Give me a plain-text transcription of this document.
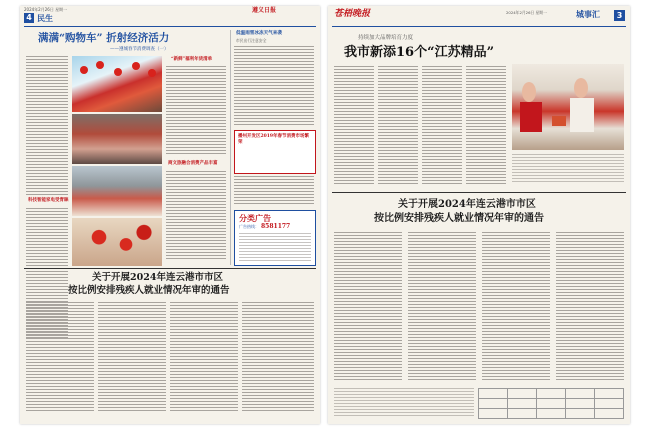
4 民生
2024年2月26日 星期一	遵义日报
满满“购物车” 折射经济活力
——遵城春节消费调查（一）
科技智能家电受青睐
“新鲜”福利年货清单
商文旅融合消费产品丰富
低温雨雪冰冻天气来袭
市民出行注意安全
播州开发区2019年春节消费市场繁荣
分类广告
广告热线： 8581177
关于开展2024年连云港市市区
按比例安排残疾人就业情况年审的通告
苍梧晚报	2024年2月26日 星期一	城事汇	3
持续加大品牌培育力度
我市新添16个“江苏精品”
关于开展2024年连云港市市区
按比例安排残疾人就业情况年审的通告
